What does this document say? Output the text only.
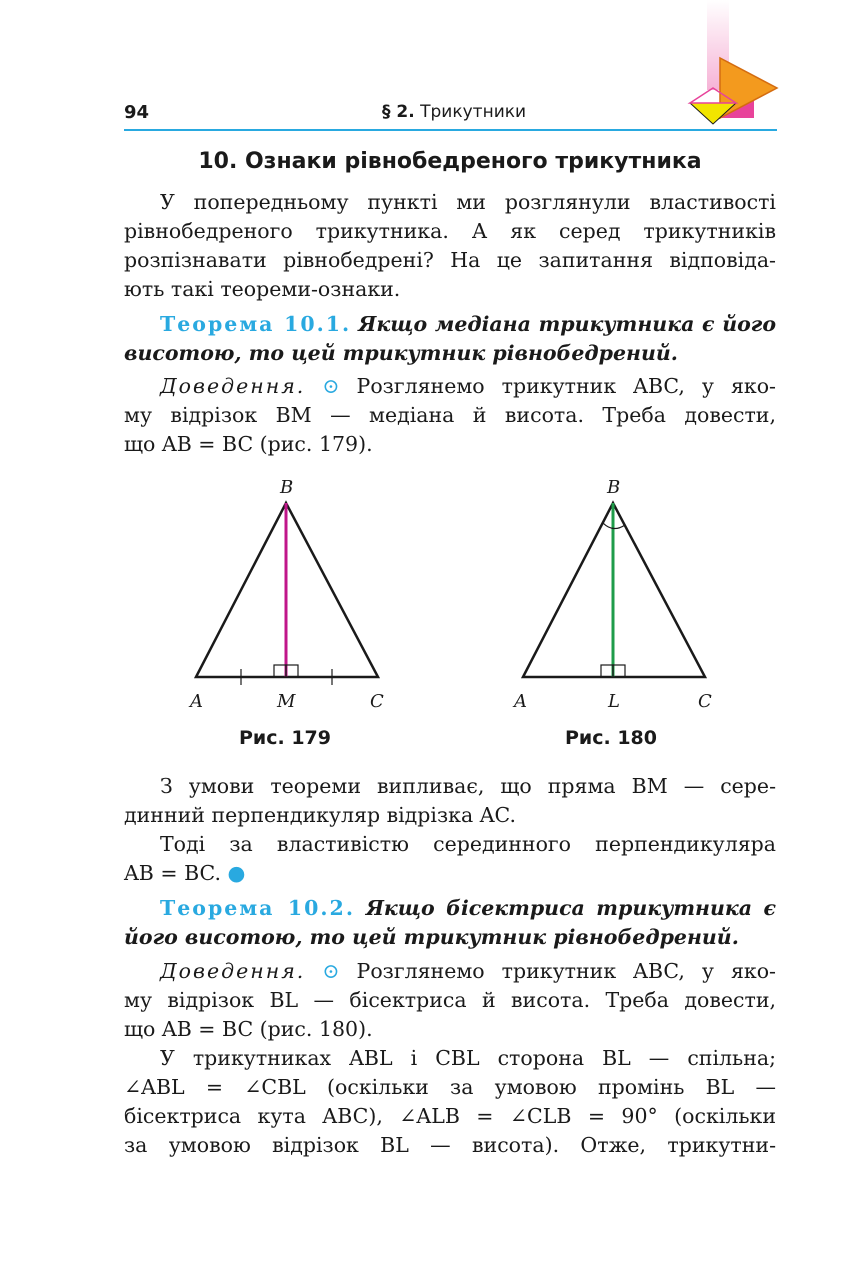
94	§ 2. Трикутники
10. Ознаки рівнобедреного трикутника
У попередньому пункті ми розглянули властивості
рівнобедреного трикутника. А як серед трикутників
розпізнавати рівнобедрені? На це запитання відповіда-
ють такі теореми-ознаки.
Теорема 10.1. Якщо медіана трикутника є його
висотою, то цей трикутник рівнобедрений.
Доведення. ⊙ Розглянемо трикутник ABC, у яко-
му відрізок BM — медіана й висота. Треба довести,
що AB = BC (рис. 179).
B
A	M	C
Рис. 179
B
A	L	C
Рис. 180
З умови теореми випливає, що пряма BM — сере-
динний перпендикуляр відрізка AC.
Тоді за властивістю серединного перпендикуляра
AB = BC. ●
Теорема 10.2. Якщо бісектриса трикутника є
його висотою, то цей трикутник рівнобедрений.
Доведення. ⊙ Розглянемо трикутник ABC, у яко-
му відрізок BL — бісектриса й висота. Треба довести,
що AB = BC (рис. 180).
У трикутниках ABL і CBL сторона BL — спільна;
∠ABL = ∠CBL (оскільки за умовою промінь BL —
бісектриса кута ABC), ∠ALB = ∠CLB = 90° (оскільки
за умовою відрізок BL — висота). Отже, трикутни-
